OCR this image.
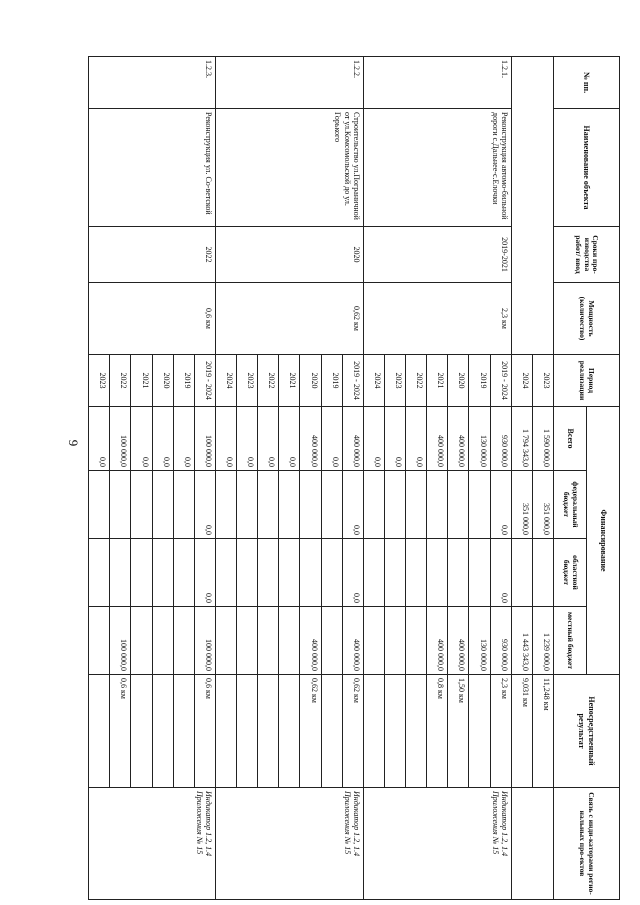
9
№ пп.	Наименование объекта	Сроки про-изводства работ/ ввод	Мощность (количество)	Период реализации	Финансирование				Непосредственный результат	Связь с инди-каторами регио-нальных про-ектов
					Всего	федеральный бюджет	областной бюджет	местный бюджет		
				2023	1 590 000,0	351 000,0		1 239 000,0	11,248 км	
				2024	1 794 343,0	351 000,0		1 443 343,0	9,031 км	
1.2.1.	Реконструкция автомо-бильной дороги с.Дальнее-с.Елочки	2019-2021	2,3 км	2019 - 2024	930 000,0	0,0	0,0	930 000,0	2,3 км	Индикатор 1.2, 1.4 Приложения № 15
				2019	130 000,0			130 000,0		
				2020	400 000,0			400 000,0	1,50 км	
				2021	400 000,0			400 000,0	0,8 км	
				2022	0,0					
				2023	0,0					
				2024	0,0					
1.2.2.	Строительство ул.Пограничной от ул.Комсомольской до ул. Горького	2020	0,62 км	2019 - 2024	400 000,0	0,0	0,0	400 000,0	0,62 км	Индикатор 1.2, 1.4 Приложения № 15
				2019	0,0					
				2020	400 000,0			400 000,0	0,62 км	
				2021	0,0					
				2022	0,0					
				2023	0,0					
				2024	0,0					
1.2.3.	Реконструкция ул. Со-ветской	2022	0,6 км	2019 - 2024	100 000,0	0,0	0,0	100 000,0	0,6 км	Индикатор 1.2, 1.4 Приложения № 15
				2019	0,0					
				2020	0,0					
				2021	0,0					
				2022	100 000,0			100 000,0	0,6 км	
				2023	0,0					
